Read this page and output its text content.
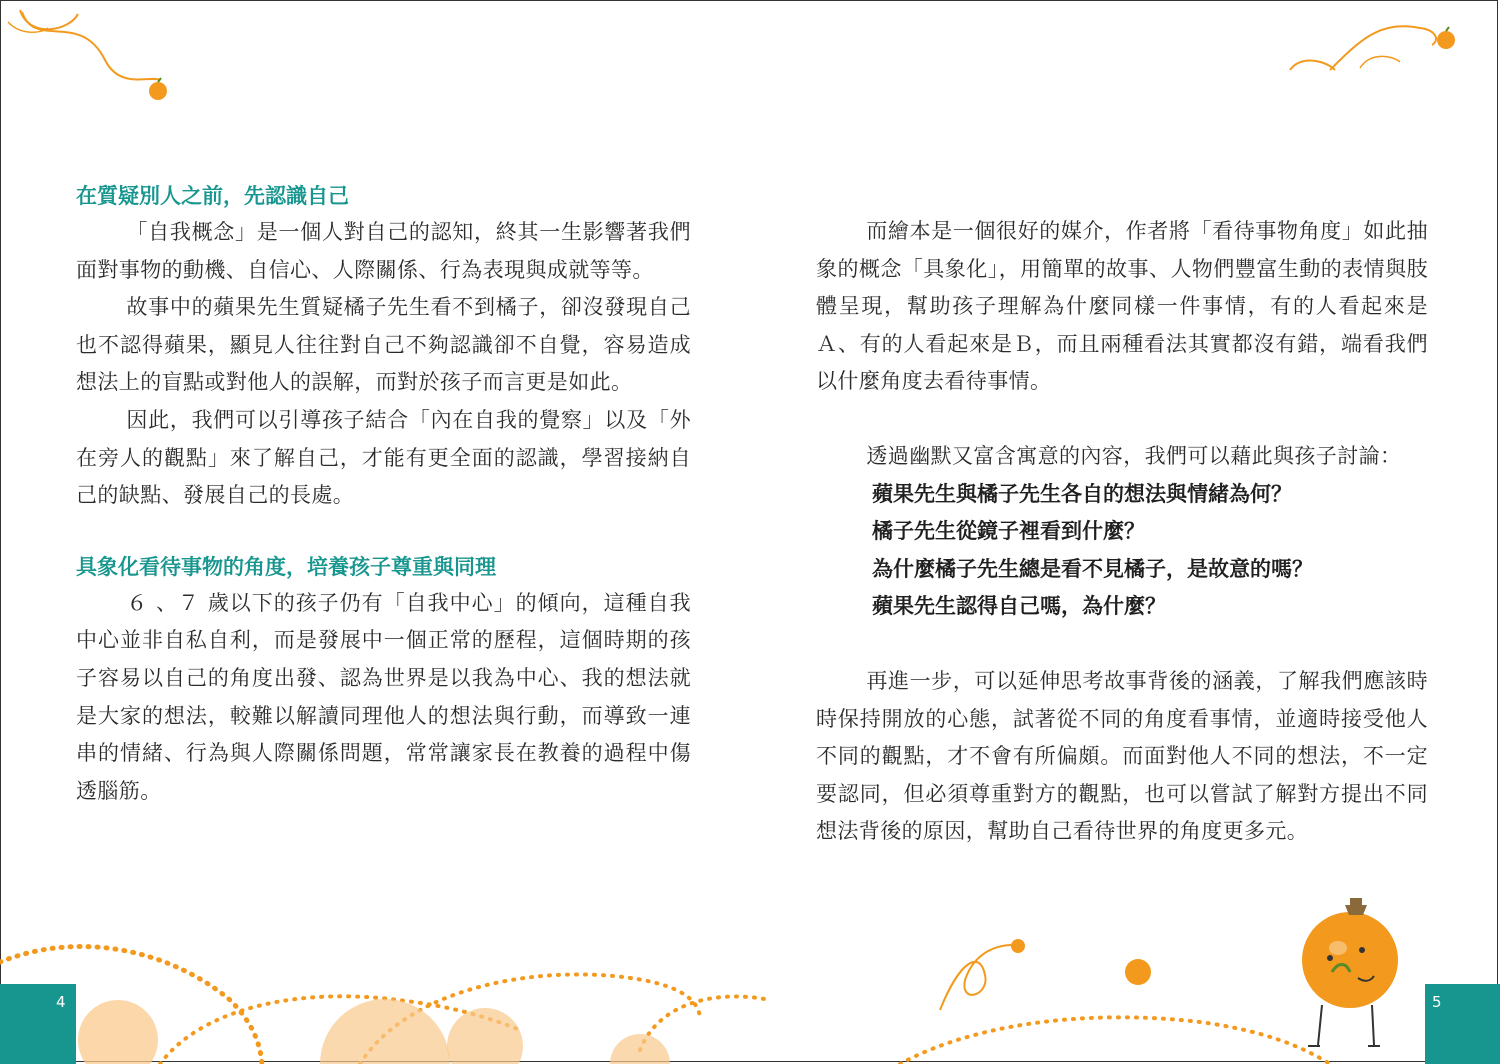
4	5
在質疑別人之前，先認識自己

「自我概念」是一個人對自己的認知，終其一生影響著我們面對事物的動機、自信心、人際關係、行為表現與成就等等。

故事中的蘋果先生質疑橘子先生看不到橘子，卻沒發現自己也不認得蘋果，顯見人往往對自己不夠認識卻不自覺，容易造成想法上的盲點或對他人的誤解，而對於孩子而言更是如此。

因此，我們可以引導孩子結合「內在自我的覺察」以及「外在旁人的觀點」來了解自己，才能有更全面的認識，學習接納自己的缺點、發展自己的長處。

具象化看待事物的角度，培養孩子尊重與同理

６ 、７ 歲以下的孩子仍有「自我中心」的傾向，這種自我中心並非自私自利，而是發展中一個正常的歷程，這個時期的孩子容易以自己的角度出發、認為世界是以我為中心、我的想法就是大家的想法，較難以解讀同理他人的想法與行動，而導致一連串的情緒、行為與人際關係問題，常常讓家長在教養的過程中傷透腦筋。

而繪本是一個很好的媒介，作者將「看待事物角度」如此抽象的概念「具象化」，用簡單的故事、人物們豐富生動的表情與肢體呈現，幫助孩子理解為什麼同樣一件事情，有的人看起來是Ａ、有的人看起來是Ｂ，而且兩種看法其實都沒有錯，端看我們以什麼角度去看待事情。

透過幽默又富含寓意的內容，我們可以藉此與孩子討論：

蘋果先生與橘子先生各自的想法與情緒為何？

橘子先生從鏡子裡看到什麼？

為什麼橘子先生總是看不見橘子，是故意的嗎？

蘋果先生認得自己嗎，為什麼？

再進一步，可以延伸思考故事背後的涵義，了解我們應該時時保持開放的心態，試著從不同的角度看事情，並適時接受他人不同的觀點，才不會有所偏頗。而面對他人不同的想法，不一定要認同，但必須尊重對方的觀點，也可以嘗試了解對方提出不同想法背後的原因，幫助自己看待世界的角度更多元。
